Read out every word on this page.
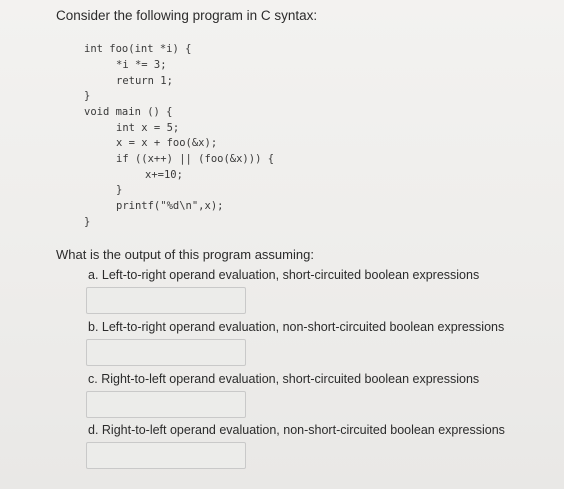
Consider the following program in C syntax:
int foo(int *i) {
*i *= 3;
return 1;
}
void main () {
int x = 5;
x = x + foo(&x);
if ((x++) || (foo(&x))) {
x+=10;
}
printf("%d\n",x);
}
What is the output of this program assuming:
a. Left-to-right operand evaluation, short-circuited boolean expressions
b. Left-to-right operand evaluation, non-short-circuited boolean expressions
c. Right-to-left operand evaluation, short-circuited boolean expressions
d. Right-to-left operand evaluation, non-short-circuited boolean expressions
